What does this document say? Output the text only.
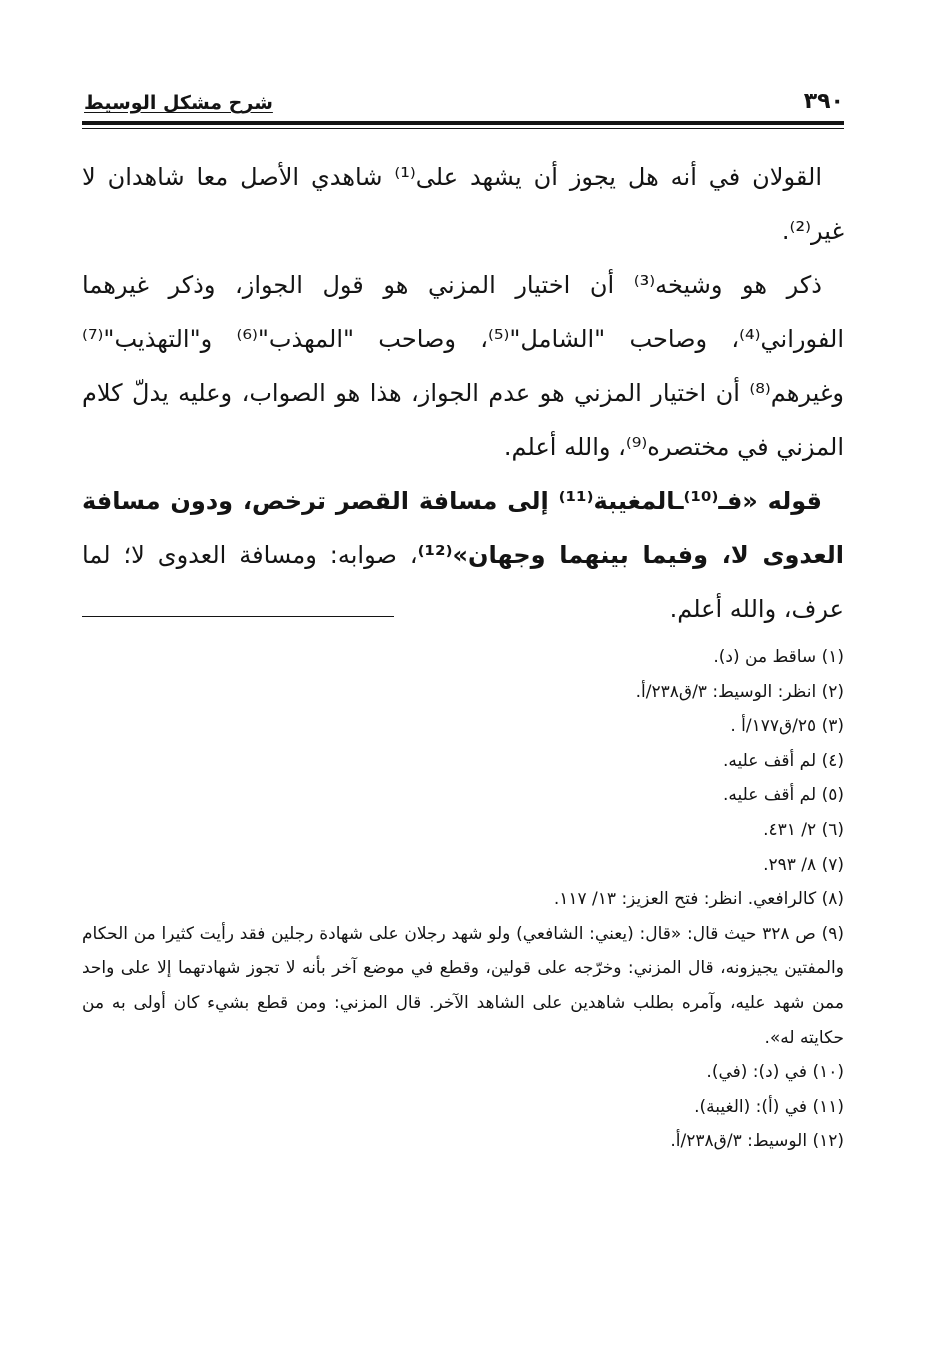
٣٩٠
شرح مشكل الوسيط

القولان في أنه هل يجوز أن يشهد على⁽¹⁾ شاهدي الأصل معا شاهدان لا غير⁽²⁾.

ذكر هو وشيخه⁽³⁾ أن اختيار المزني هو قول الجواز، وذكر غيرهما الفوراني⁽⁴⁾، وصاحب "الشامل"⁽⁵⁾، وصاحب "المهذب"⁽⁶⁾ و"التهذيب"⁽⁷⁾ وغيرهم⁽⁸⁾ أن اختيار المزني هو عدم الجواز، هذا هو الصواب، وعليه يدلّ كلام المزني في مختصره⁽⁹⁾، والله أعلم.

قوله «فـ⁽¹⁰⁾ـالمغيبة⁽¹¹⁾ إلى مسافة القصر ترخص، ودون مسافة العدوى لا، وفيما بينهما وجهان»⁽¹²⁾، صوابه: ومسافة العدوى لا؛ لما عرف، والله أعلم.

(١) ساقط من (د).

(٢) انظر: الوسيط: ٣/ق٢٣٨/أ.

(٣) ٢٥/ق١٧٧/أ .

(٤) لم أقف عليه.

(٥) لم أقف عليه.

(٦) ٢/ ٤٣١.

(٧) ٨/ ٢٩٣.

(٨) كالرافعي. انظر: فتح العزيز: ١٣/ ١١٧.

(٩) ص ٣٢٨ حيث قال: «قال: (يعني: الشافعي) ولو شهد رجلان على شهادة رجلين فقد رأيت كثيرا من الحكام والمفتين يجيزونه، قال المزني: وخرّجه على قولين، وقطع في موضع آخر بأنه لا تجوز شهادتهما إلا على واحد ممن شهد عليه، وآمره بطلب شاهدين على الشاهد الآخر. قال المزني: ومن قطع بشيء كان أولى به من حكايته له».

(١٠) في (د): (في).

(١١) في (أ): (الغيبة).

(١٢) الوسيط: ٣/ق٢٣٨/أ.
